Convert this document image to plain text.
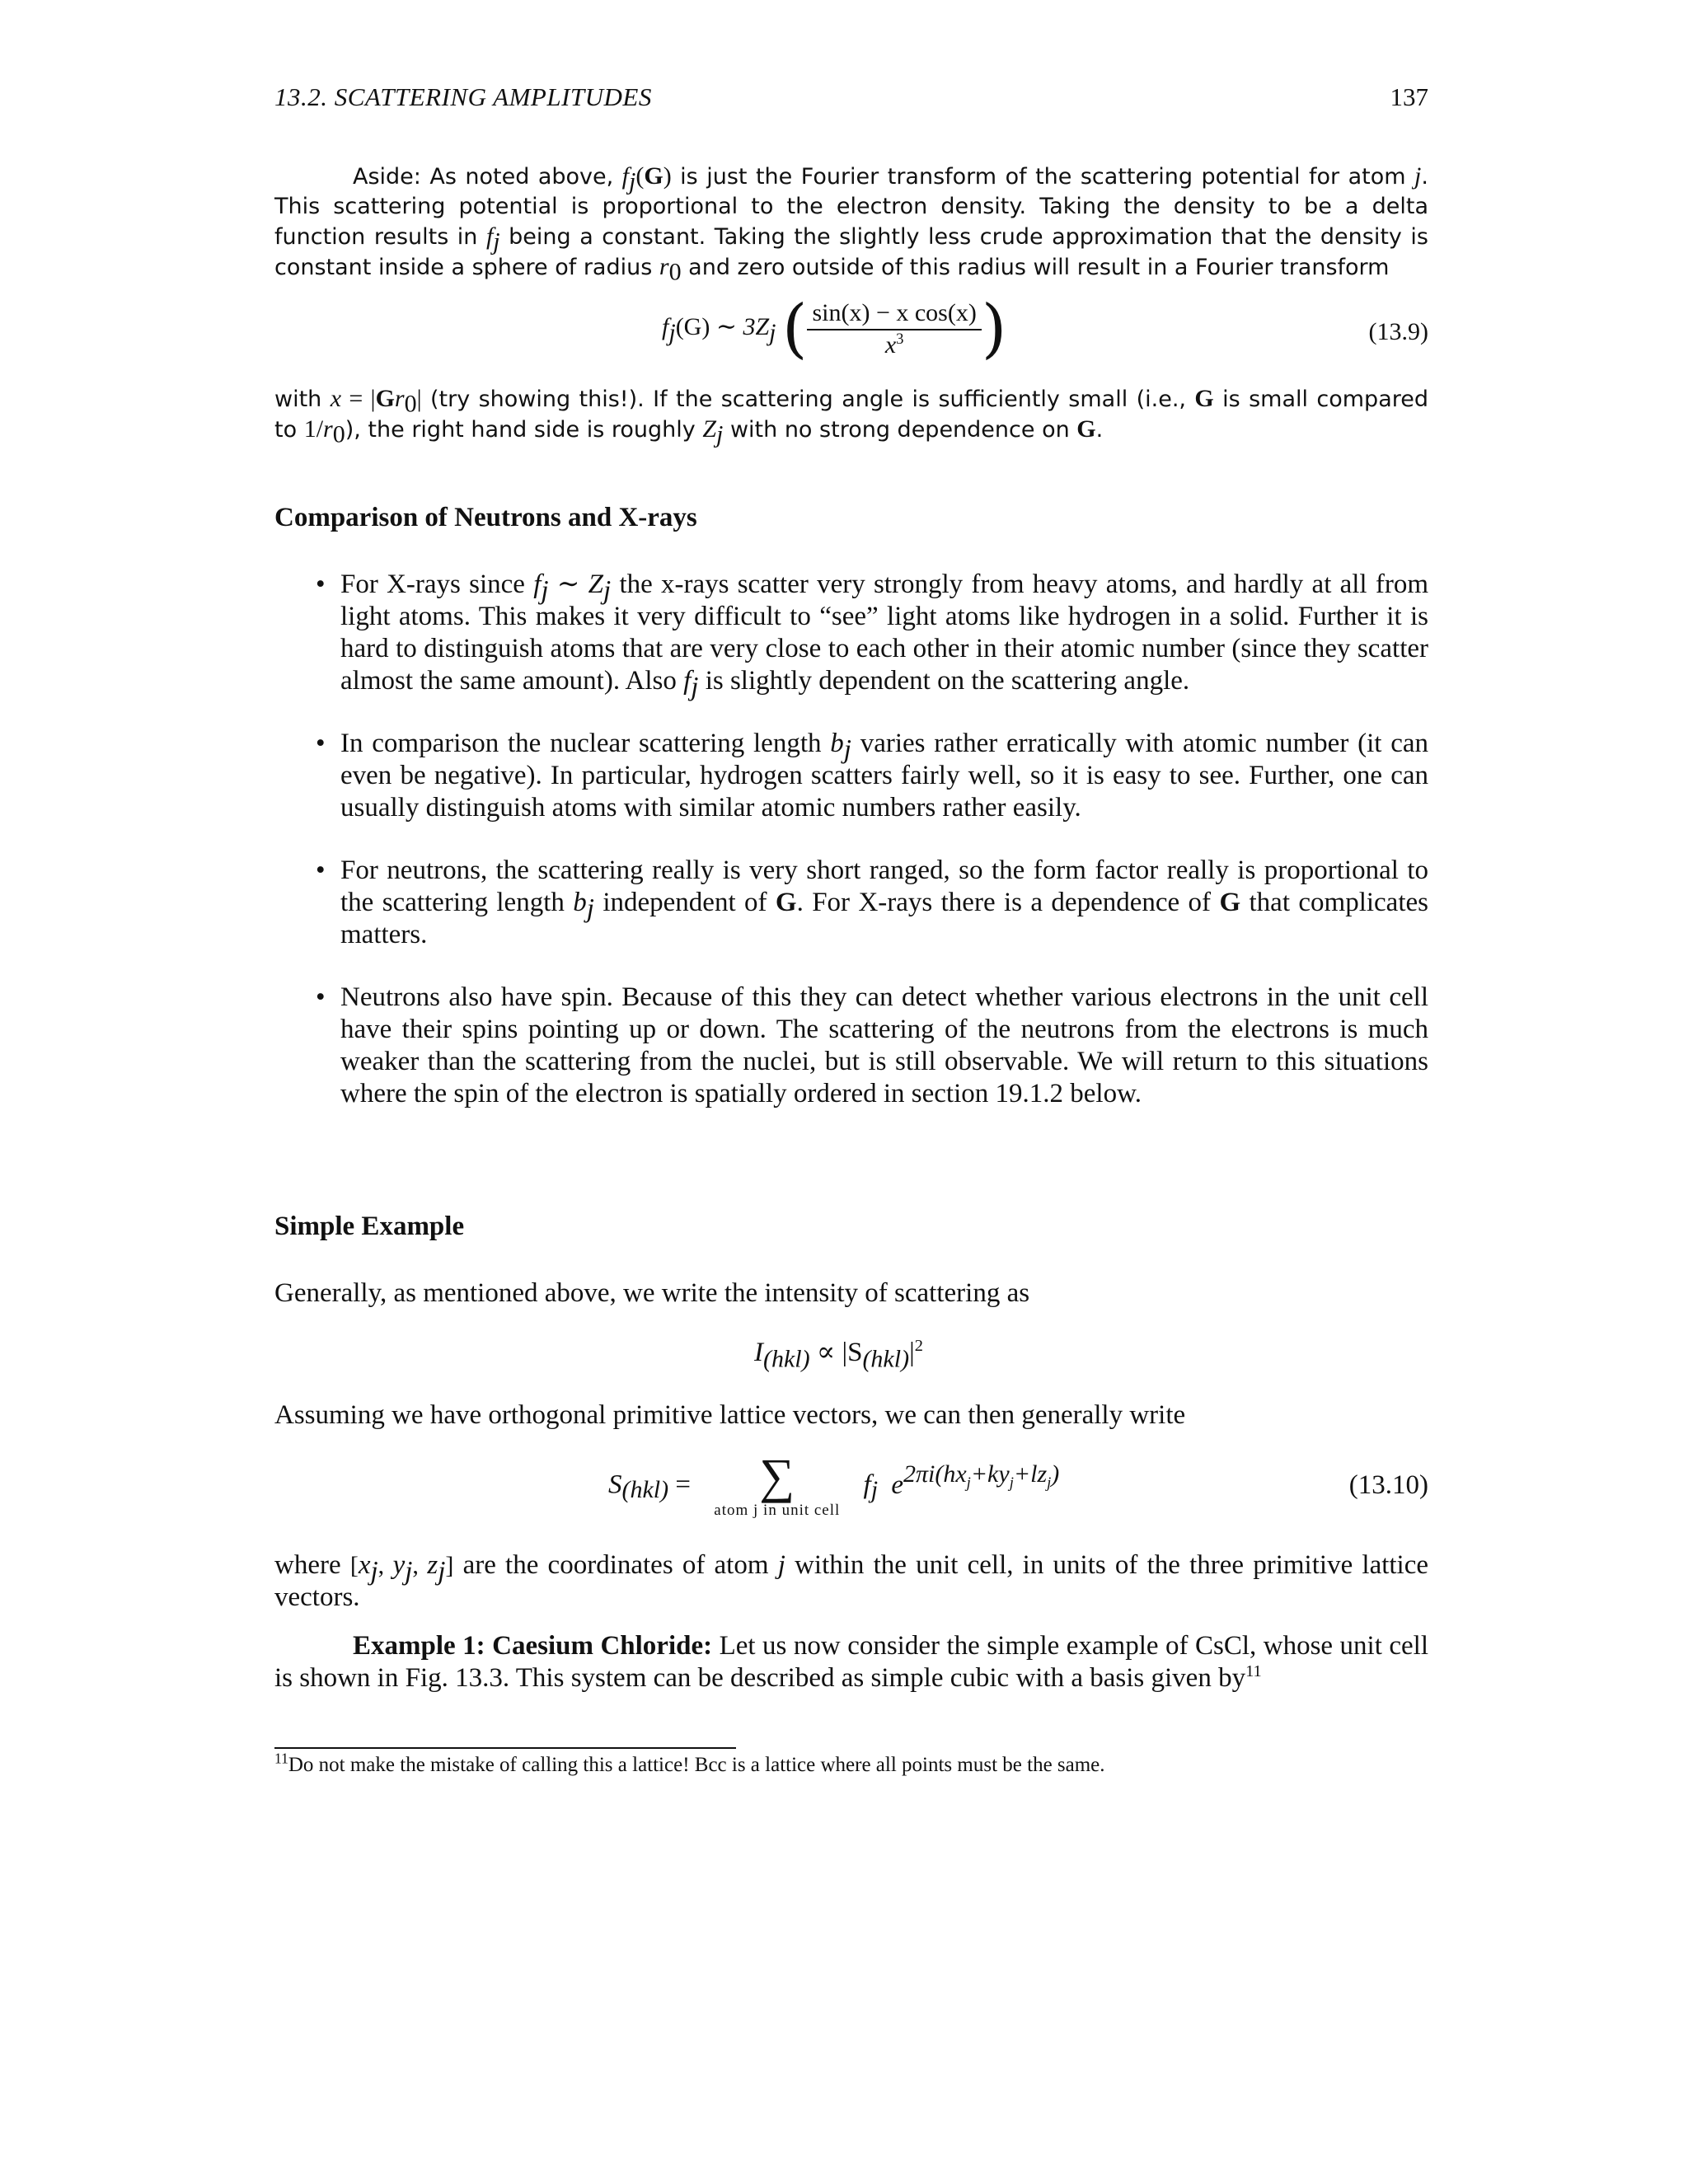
13.2. SCATTERING AMPLITUDES	137

Aside: As noted above, $f_j(G)$ is just the Fourier transform of the scattering potential for atom j. This scattering potential is proportional to the electron density. Taking the density to be a delta function results in $f_j$ being a constant. Taking the slightly less crude approximation that the density is constant inside a sphere of radius $r_0$ and zero outside of this radius will result in a Fourier transform

$f_j(G)$ ∼ $3Z_j$ ( $\frac{\text{sin(x) − x cos(x)}}{x^3}$ )	(13.9)

with $x = |Gr_0|$ (try showing this!). If the scattering angle is sufficiently small (i.e., G is small compared to $1/r_0$), the right hand side is roughly $Z_j$ with no strong dependence on G.

Comparison of Neutrons and X-rays
• For X-rays since $f_j$ ∼ $Z_j$ the x-rays scatter very strongly from heavy atoms, and hardly at all from light atoms. This makes it very difficult to “see” light atoms like hydrogen in a solid. Further it is hard to distinguish atoms that are very close to each other in their atomic number (since they scatter almost the same amount). Also $f_j$ is slightly dependent on the scattering angle.
• In comparison the nuclear scattering length $b_j$ varies rather erratically with atomic number (it can even be negative). In particular, hydrogen scatters fairly well, so it is easy to see. Further, one can usually distinguish atoms with similar atomic numbers rather easily.
• For neutrons, the scattering really is very short ranged, so the form factor really is proportional to the scattering length $b_j$ independent of G. For X-rays there is a dependence of G that complicates matters.
• Neutrons also have spin. Because of this they can detect whether various electrons in the unit cell have their spins pointing up or down. The scattering of the neutrons from the electrons is much weaker than the scattering from the nuclei, but is still observable. We will return to this situations where the spin of the electron is spatially ordered in section 19.1.2 below.
Simple Example
Generally, as mentioned above, we write the intensity of scattering as
$I_{(hkl)} \propto |S_{(hkl)}|^2$
Assuming we have orthogonal primitive lattice vectors, we can then generally write
$S_{(hkl)}$ =	∑
atom j in unit cell
$f_j$ $e^{2\pi i(hx_j+ky_j+lz_j)}$	(13.10)
where [$x_j$, $y_j$, $z_j$] are the coordinates of atom j within the unit cell, in units of the three primitive lattice vectors.
Example 1: Caesium Chloride: Let us now consider the simple example of CsCl, whose unit cell is shown in Fig. 13.3. This system can be described as simple cubic with a basis given $by^{11}$
$^{11}$Do not make the mistake of calling this a lattice! Bcc is a lattice where all points must be the same.
